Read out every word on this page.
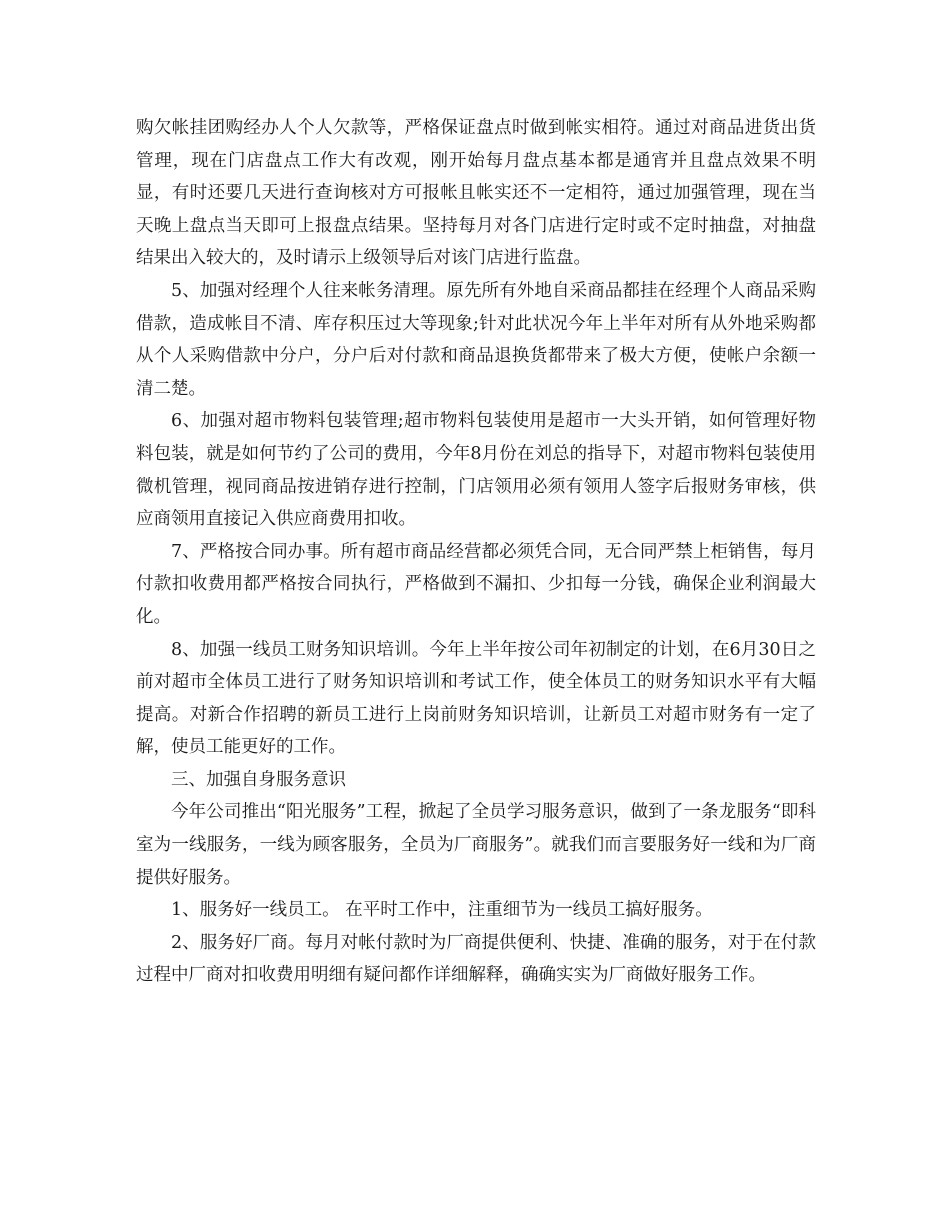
购欠帐挂团购经办人个人欠款等，严格保证盘点时做到帐实相符。通过对商品进货出货管理，现在门店盘点工作大有改观，刚开始每月盘点基本都是通宵并且盘点效果不明显，有时还要几天进行查询核对方可报帐且帐实还不一定相符，通过加强管理，现在当天晚上盘点当天即可上报盘点结果。坚持每月对各门店进行定时或不定时抽盘，对抽盘结果出入较大的，及时请示上级领导后对该门店进行监盘。

5、加强对经理个人往来帐务清理。原先所有外地自采商品都挂在经理个人商品采购借款，造成帐目不清、库存积压过大等现象;针对此状况今年上半年对所有从外地采购都从个人采购借款中分户，分户后对付款和商品退换货都带来了极大方便，使帐户余额一清二楚。

6、加强对超市物料包装管理;超市物料包装使用是超市一大头开销，如何管理好物料包装，就是如何节约了公司的费用，今年8月份在刘总的指导下，对超市物料包装使用微机管理，视同商品按进销存进行控制，门店领用必须有领用人签字后报财务审核，供应商领用直接记入供应商费用扣收。

7、严格按合同办事。所有超市商品经营都必须凭合同，无合同严禁上柜销售，每月付款扣收费用都严格按合同执行，严格做到不漏扣、少扣每一分钱，确保企业利润最大化。

8、加强一线员工财务知识培训。今年上半年按公司年初制定的计划，在6月30日之前对超市全体员工进行了财务知识培训和考试工作，使全体员工的财务知识水平有大幅提高。对新合作招聘的新员工进行上岗前财务知识培训，让新员工对超市财务有一定了解，使员工能更好的工作。

三、加强自身服务意识

今年公司推出“阳光服务”工程，掀起了全员学习服务意识，做到了一条龙服务“即科室为一线服务，一线为顾客服务，全员为厂商服务”。就我们而言要服务好一线和为厂商提供好服务。

1、服务好一线员工。 在平时工作中，注重细节为一线员工搞好服务。

2、服务好厂商。每月对帐付款时为厂商提供便利、快捷、准确的服务，对于在付款过程中厂商对扣收费用明细有疑问都作详细解释，确确实实为厂商做好服务工作。
